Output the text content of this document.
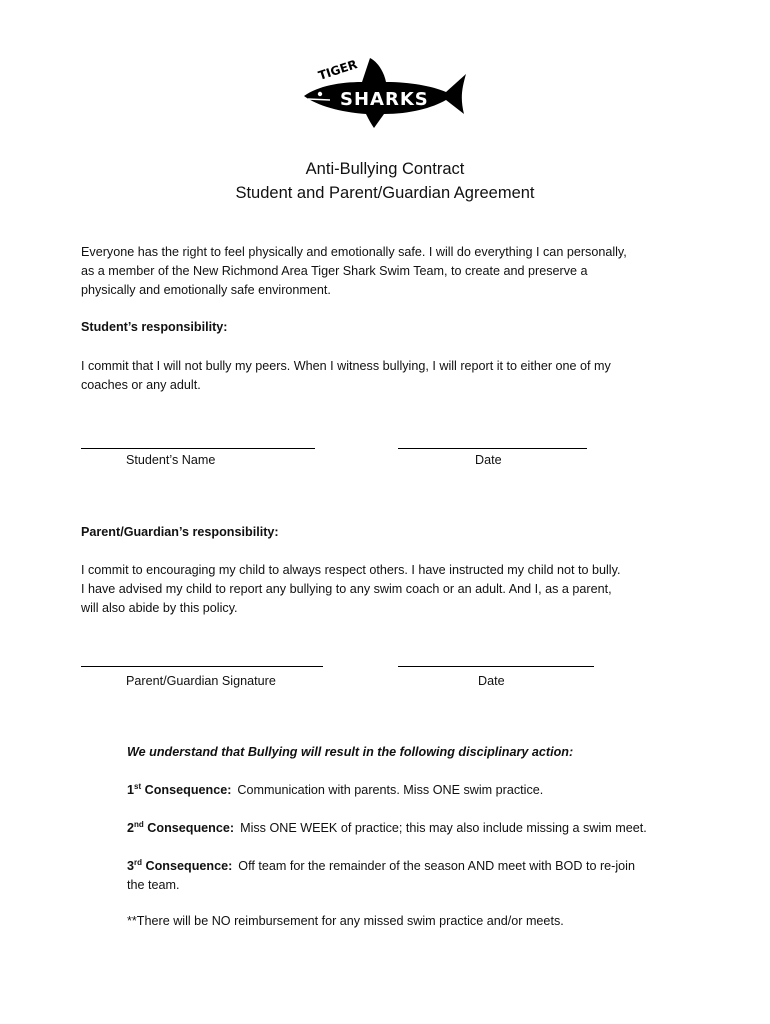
TIGER
SHARKS
Anti-Bullying Contract
Student and Parent/Guardian Agreement

Everyone has the right to feel physically and emotionally safe. I will do everything I can personally,
as a member of the New Richmond Area Tiger Shark Swim Team, to create and preserve a
physically and emotionally safe environment.

Student’s responsibility:

I commit that I will not bully my peers. When I witness bullying, I will report it to either one of my
coaches or any adult.

Student’s Name	Date
Parent/Guardian’s responsibility:

I commit to encouraging my child to always respect others. I have instructed my child not to bully.
I have advised my child to report any bullying to any swim coach or an adult. And I, as a parent,
will also abide by this policy.

Parent/Guardian Signature	Date
We understand that Bullying will result in the following disciplinary action:
1st Consequence: Communication with parents. Miss ONE swim practice.
2nd Consequence: Miss ONE WEEK of practice; this may also include missing a swim meet.
3rd Consequence: Off team for the remainder of the season AND meet with BOD to re-join
the team.
**There will be NO reimbursement for any missed swim practice and/or meets.
